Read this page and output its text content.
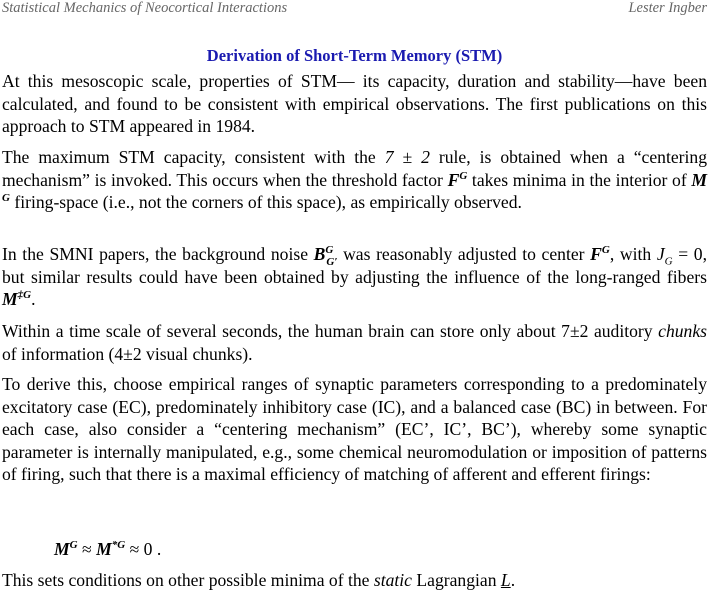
Statistical Mechanics of Neocortical Interactions	Lester Ingber
Derivation of Short-Term Memory (STM)
At this mesoscopic scale, properties of STM— its capacity, duration and stability—have been calculated, and found to be consistent with empirical observations. The first publications on this approach to STM appeared in 1984.
The maximum STM capacity, consistent with the 7 ± 2 rule, is obtained when a “centering mechanism” is invoked. This occurs when the threshold factor $F^G$ takes minima in the interior of M $^G$ firing-space (i.e., not the corners of this space), as empirically observed.
In the SMNI papers, the background noise $B^G_{G'}$ was reasonably adjusted to center $F^G$, with $J_G = 0$, but similar results could have been obtained by adjusting the influence of the long-ranged fibers $M^{\ddagger G}$.
Within a time scale of several seconds, the human brain can store only about 7±2 auditory chunks of information (4±2 visual chunks).
To derive this, choose empirical ranges of synaptic parameters corresponding to a predominately excitatory case (EC), predominately inhibitory case (IC), and a balanced case (BC) in between. For each case, also consider a “centering mechanism” (EC’, IC’, BC’), whereby some synaptic parameter is internally manipulated, e.g., some chemical neuromodulation or imposition of patterns of firing, such that there is a maximal efficiency of matching of afferent and efferent firings:
$M^G \approx M^{*G} \approx 0$ .
This sets conditions on other possible minima of the static Lagrangian L.
